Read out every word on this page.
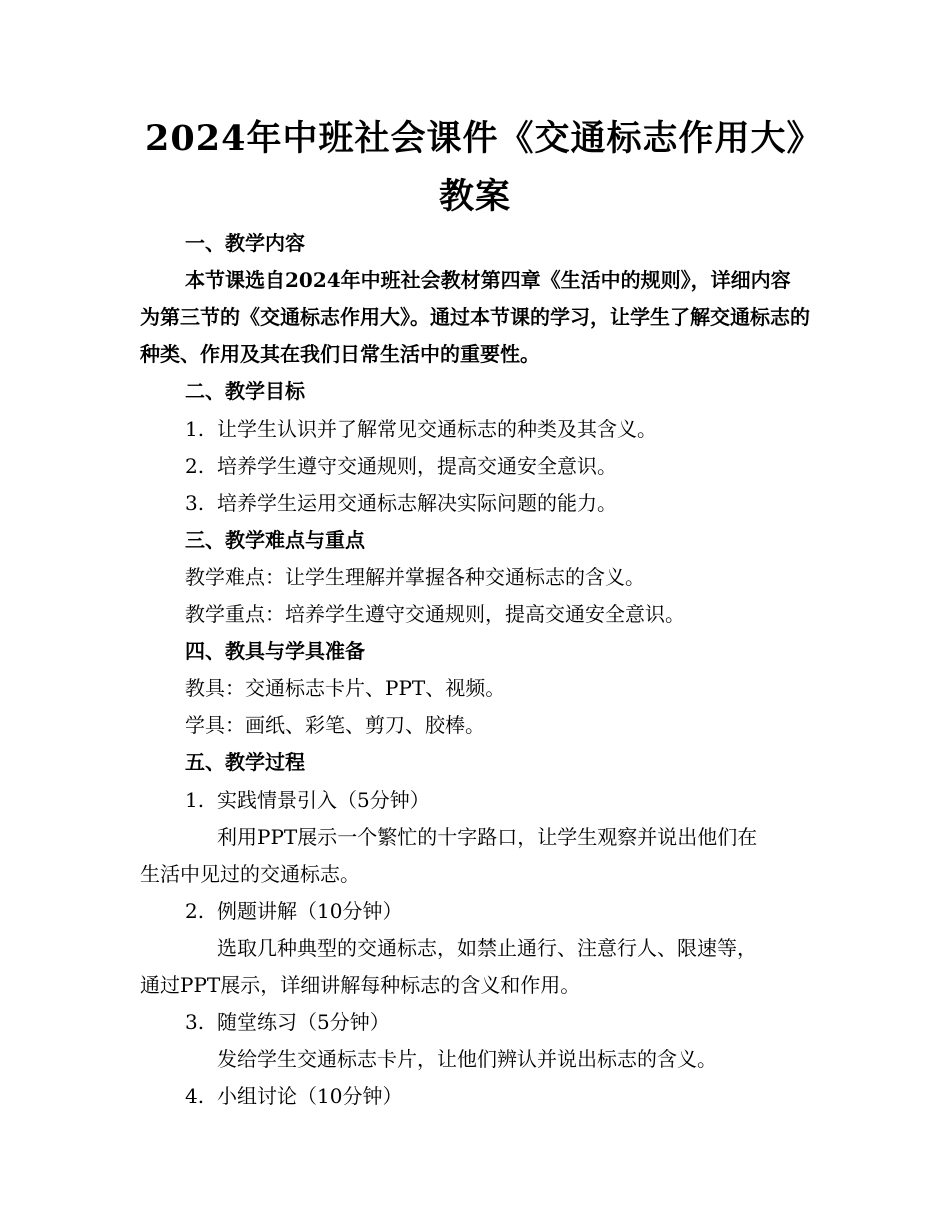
2024年中班社会课件《交通标志作用大》教案
一、教学内容
本节课选自2024年中班社会教材第四章《生活中的规则》，详细内容为第三节的《交通标志作用大》。通过本节课的学习，让学生了解交通标志的种类、作用及其在我们日常生活中的重要性。
二、教学目标
1. 让学生认识并了解常见交通标志的种类及其含义。
2. 培养学生遵守交通规则，提高交通安全意识。
3. 培养学生运用交通标志解决实际问题的能力。
三、教学难点与重点
教学难点：让学生理解并掌握各种交通标志的含义。
教学重点：培养学生遵守交通规则，提高交通安全意识。
四、教具与学具准备
教具：交通标志卡片、PPT、视频。
学具：画纸、彩笔、剪刀、胶棒。
五、教学过程
1. 实践情景引入（5分钟）
利用PPT展示一个繁忙的十字路口，让学生观察并说出他们在
生活中见过的交通标志。
2. 例题讲解（10分钟）
选取几种典型的交通标志，如禁止通行、注意行人、限速等，
通过PPT展示，详细讲解每种标志的含义和作用。
3. 随堂练习（5分钟）
发给学生交通标志卡片，让他们辨认并说出标志的含义。
4. 小组讨论（10分钟）
